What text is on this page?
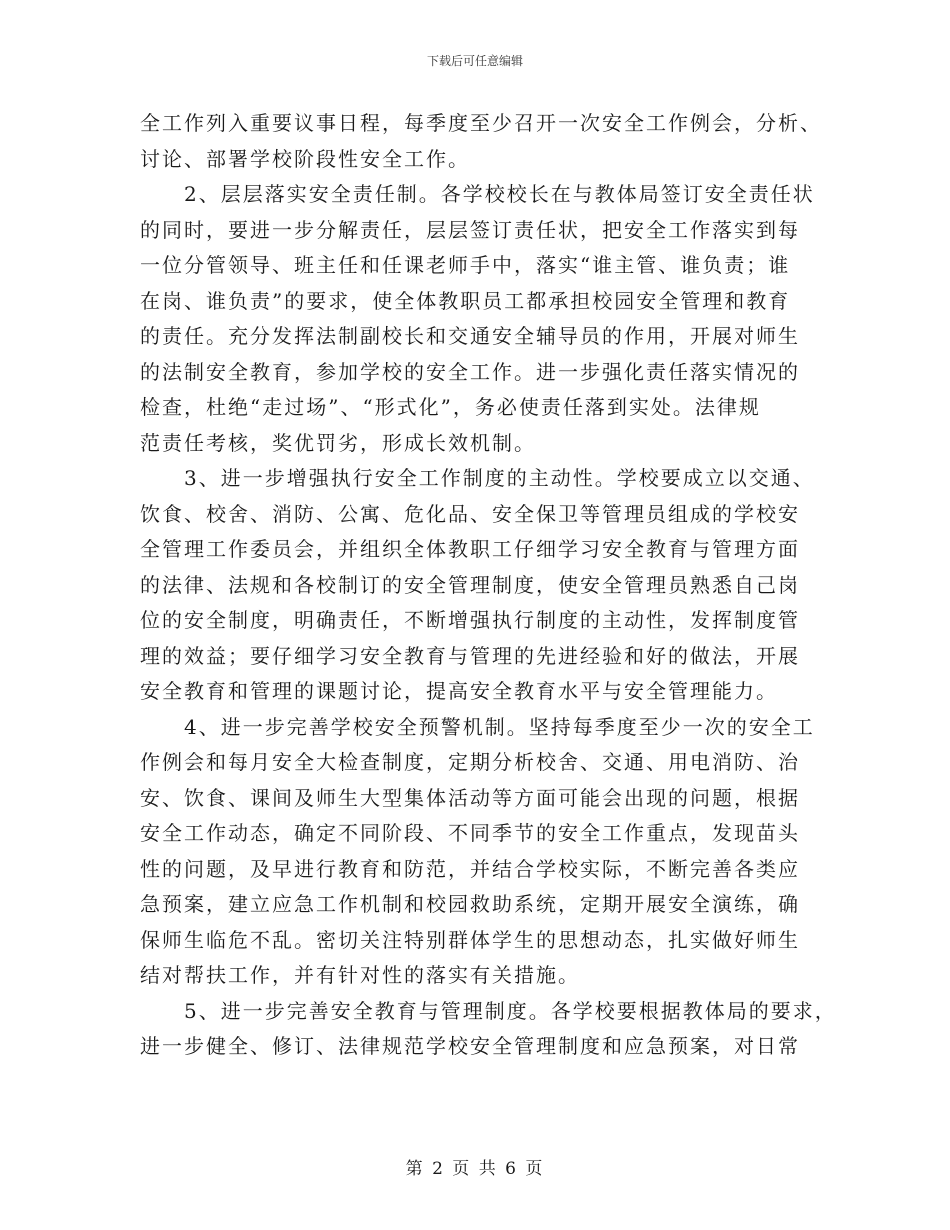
下载后可任意编辑
全工作列入重要议事日程，每季度至少召开一次安全工作例会，分析、
讨论、部署学校阶段性安全工作。
　　2、层层落实安全责任制。各学校校长在与教体局签订安全责任状
的同时，要进一步分解责任，层层签订责任状，把安全工作落实到每
一位分管领导、班主任和任课老师手中，落实“谁主管、谁负责；谁
在岗、谁负责”的要求，使全体教职员工都承担校园安全管理和教育
的责任。充分发挥法制副校长和交通安全辅导员的作用，开展对师生
的法制安全教育，参加学校的安全工作。进一步强化责任落实情况的
检查，杜绝“走过场”、“形式化”，务必使责任落到实处。法律规
范责任考核，奖优罚劣，形成长效机制。
　　3、进一步增强执行安全工作制度的主动性。学校要成立以交通、
饮食、校舍、消防、公寓、危化品、安全保卫等管理员组成的学校安
全管理工作委员会，并组织全体教职工仔细学习安全教育与管理方面
的法律、法规和各校制订的安全管理制度，使安全管理员熟悉自己岗
位的安全制度，明确责任，不断增强执行制度的主动性，发挥制度管
理的效益；要仔细学习安全教育与管理的先进经验和好的做法，开展
安全教育和管理的课题讨论，提高安全教育水平与安全管理能力。
　　4、进一步完善学校安全预警机制。坚持每季度至少一次的安全工
作例会和每月安全大检查制度，定期分析校舍、交通、用电消防、治
安、饮食、课间及师生大型集体活动等方面可能会出现的问题，根据
安全工作动态，确定不同阶段、不同季节的安全工作重点，发现苗头
性的问题，及早进行教育和防范，并结合学校实际，不断完善各类应
急预案，建立应急工作机制和校园救助系统，定期开展安全演练，确
保师生临危不乱。密切关注特别群体学生的思想动态，扎实做好师生
结对帮扶工作，并有针对性的落实有关措施。
　　5、进一步完善安全教育与管理制度。各学校要根据教体局的要求，
进一步健全、修订、法律规范学校安全管理制度和应急预案，对日常
第 2 页 共 6 页
